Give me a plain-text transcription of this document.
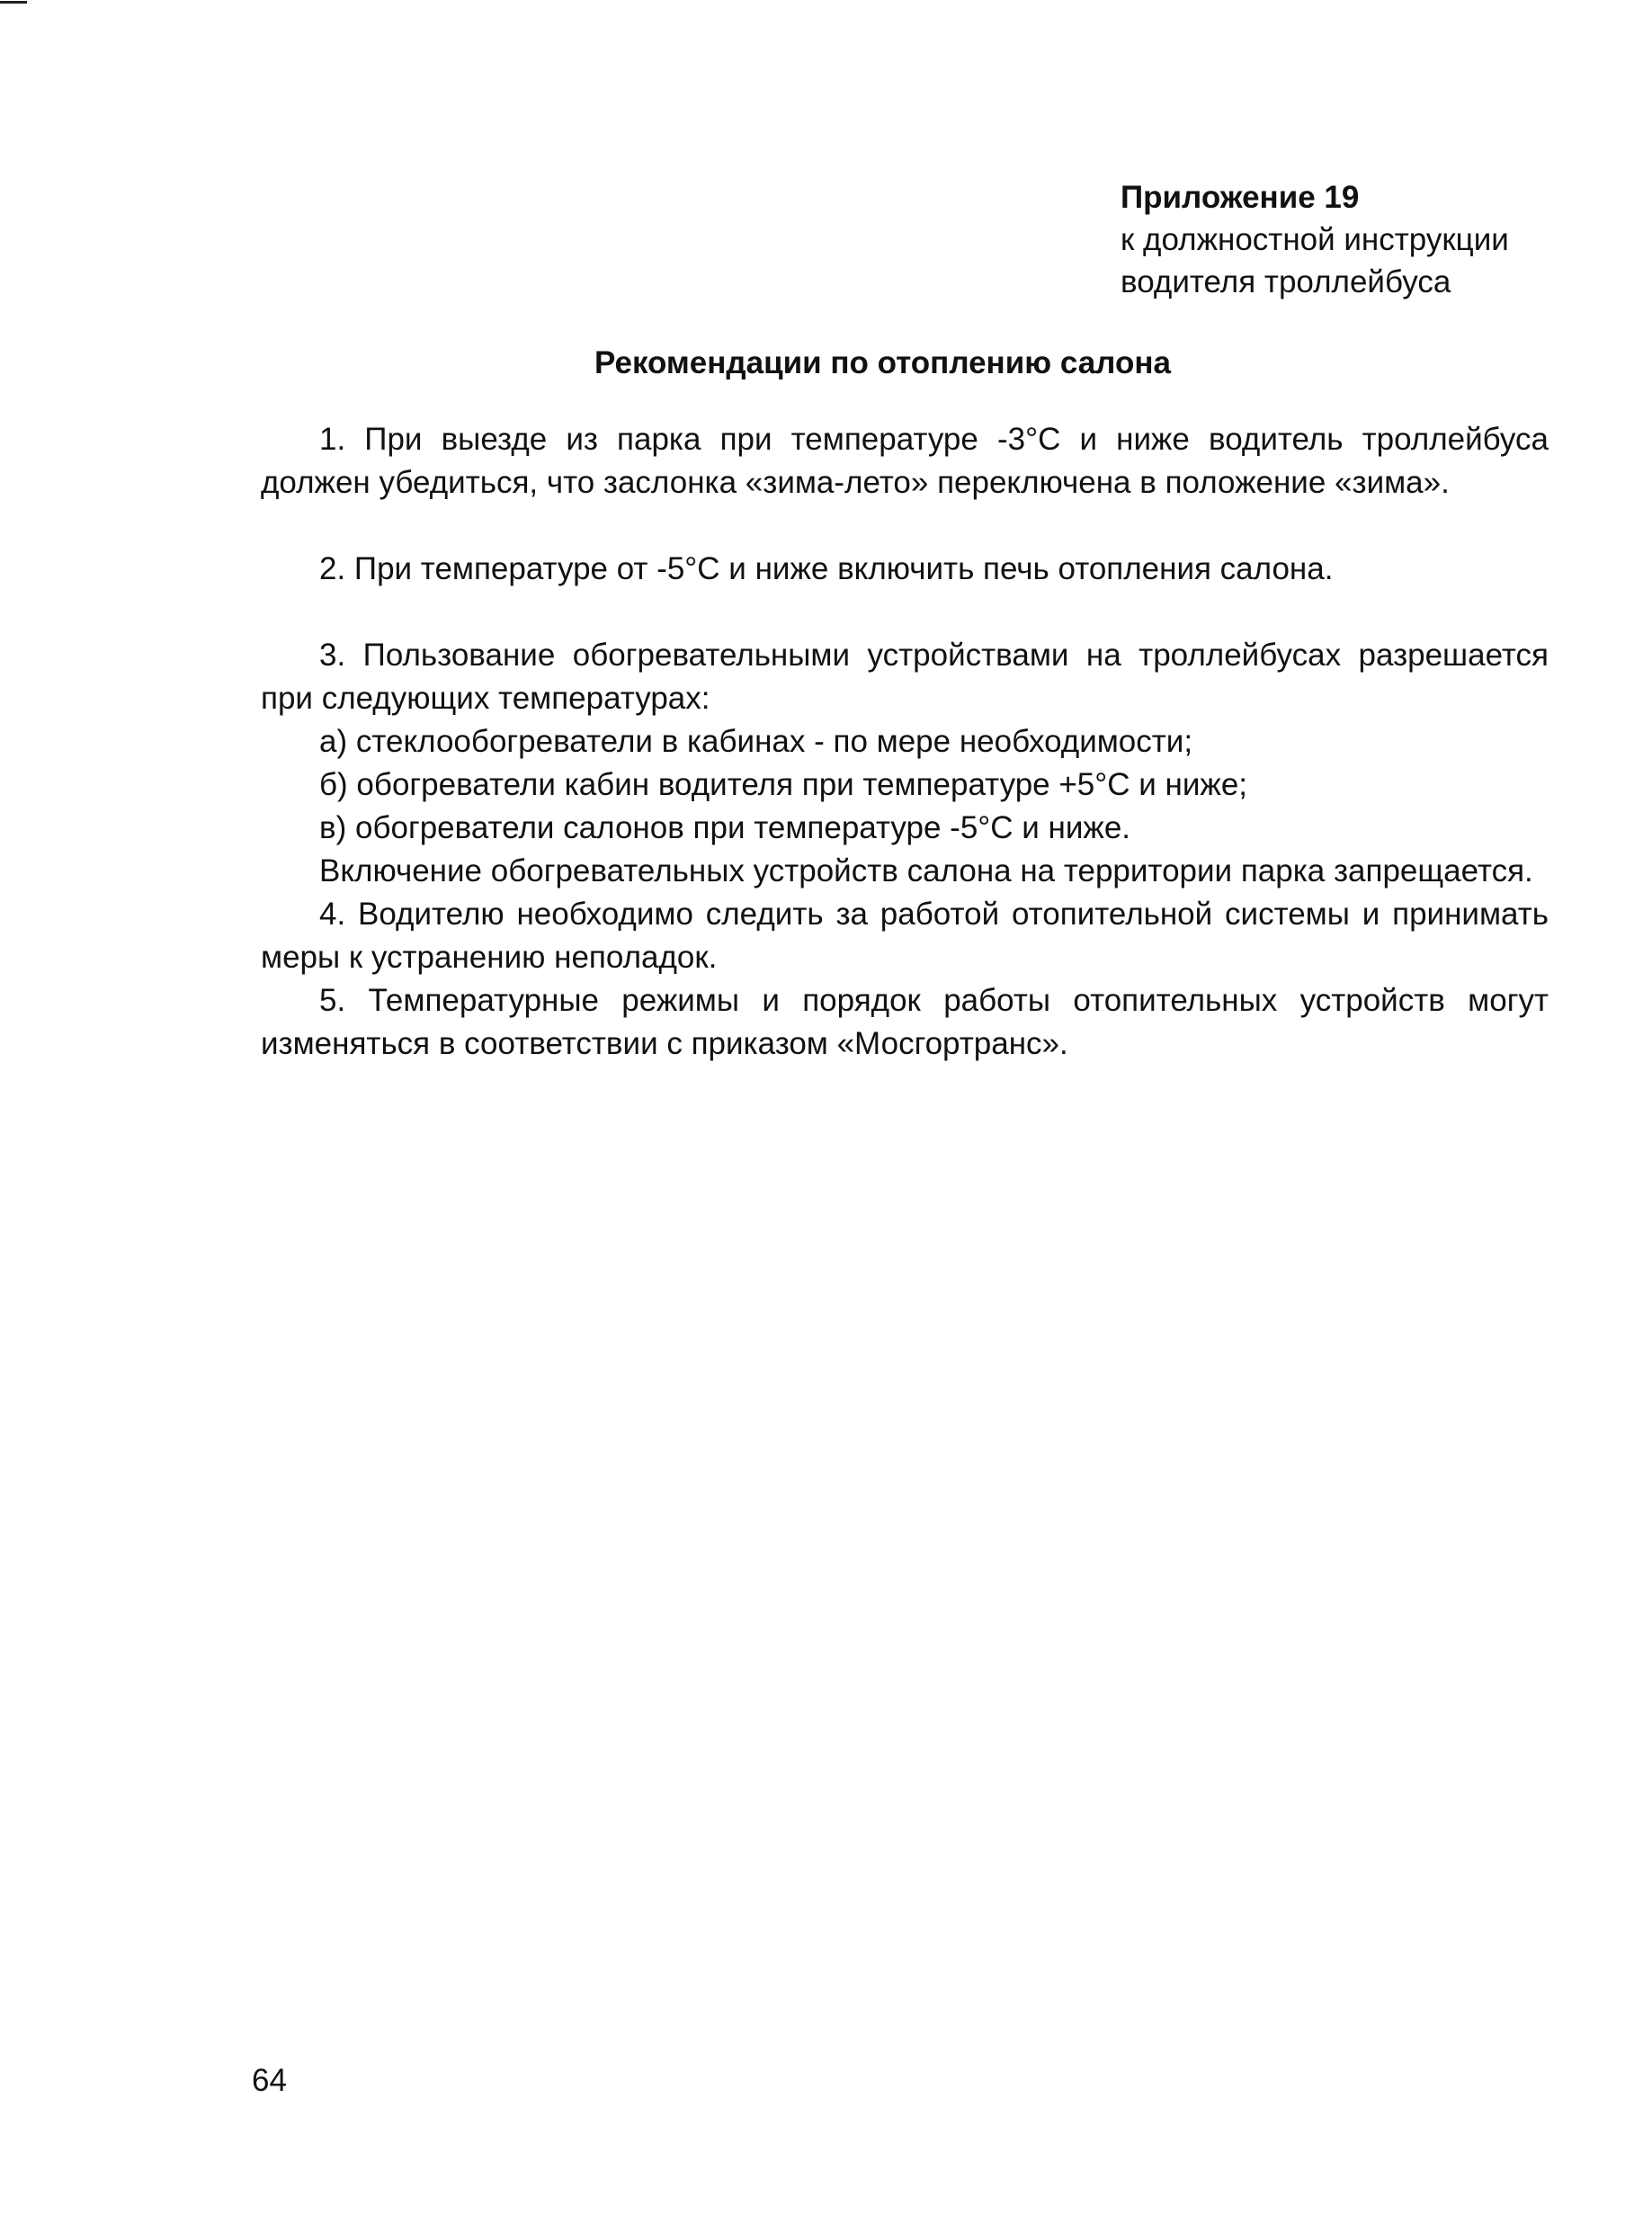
Приложение 19
к должностной инструкции
водителя троллейбуса
Рекомендации по отоплению салона

1. При выезде из парка при температуре -3°С и ниже водитель троллейбуса должен убедиться, что заслонка «зима-лето» переключена в положение «зима».

2. При температуре от -5°С и ниже включить печь отопления салона.

3. Пользование обогревательными устройствами на троллейбусах разрешается при следующих температурах:

а) стеклообогреватели в кабинах - по мере необходимости;

б) обогреватели кабин водителя при температуре +5°С и ниже;

в) обогреватели салонов при температуре -5°С и ниже.

Включение обогревательных устройств салона на территории парка запрещается.

4. Водителю необходимо следить за работой отопительной системы и принимать меры к устранению неполадок.

5. Температурные режимы и порядок работы отопительных устройств могут изменяться в соответствии с приказом «Мосгортранс».

64
